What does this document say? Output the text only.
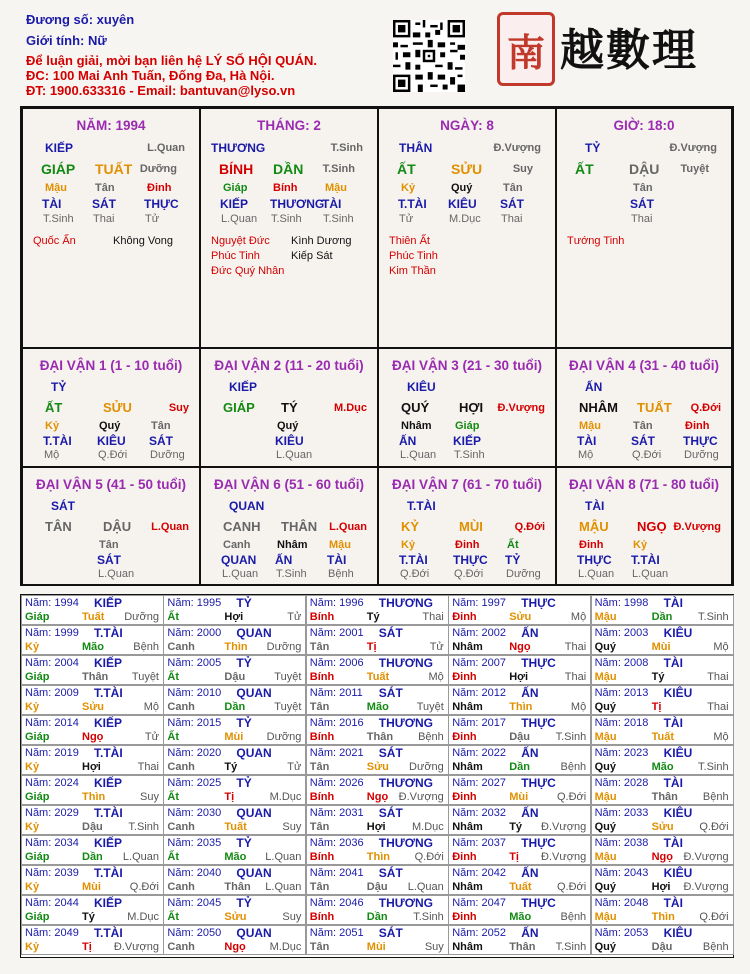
Đương số: xuyên
Giới tính: Nữ
Để luận giải, mời bạn liên hệ LÝ SỐ HỘI QUÁN.
ĐC: 100 Mai Anh Tuấn, Đống Đa, Hà Nội.
ĐT: 1900.633316 - Email: bantuvan@lyso.vn
南 越數理
NĂM: 1994
KIẾP	L.Quan
GIÁP TUẤT Dưỡng
Mậu
TÀI
T.Sinh
Tân
SÁT
Thai
Đinh
THỰC
Tử
Quốc Ấn	Không Vong
THÁNG: 2
THƯƠNG	T.Sinh
BÍNH DẦN T.Sinh
Giáp
KIẾP
L.Quan
Bính
THƯƠNG
T.Sinh
Mậu
TÀI
T.Sinh
Nguyệt Đức Kình Dương
Phúc Tinh	Kiếp Sát
Đức Quý Nhân
NGÀY: 8
THÂN	Đ.Vượng
ẤT	SỬU	Suy
Kỷ
T.TÀI
Tử
Quý
KIÊU
M.Dục
Tân
SÁT
Thai
Thiên Ất
Phúc Tinh
Kim Thần
GIỜ: 18:0
TỶ	Đ.Vượng
ẤT	DẬU Tuyệt
Tân
SÁT
Thai
Tướng Tinh
ĐẠI VẬN 1 (1 - 10 tuổi)
TỶ
ẤT	SỬU	Suy
Kỷ
T.TÀI
Mộ
Quý
KIÊU
Q.Đới
Tân
SÁT
Dưỡng
ĐẠI VẬN 2 (11 - 20 tuổi)
KIẾP
GIÁP TÝ	M.Dục
Quý
KIÊU
L.Quan
ĐẠI VẬN 3 (21 - 30 tuổi)
KIÊU
QUÝ HỢI Đ.Vượng
Nhâm
ẤN
L.Quan
Giáp
KIẾP
T.Sinh
ĐẠI VẬN 4 (31 - 40 tuổi)
ẤN
NHÂM TUẤT Q.Đới
Mậu
TÀI
Mộ
Tân
SÁT
Q.Đới
Đinh
THỰC
Dưỡng
ĐẠI VẬN 5 (41 - 50 tuổi)
SÁT
TÂN DẬU L.Quan
Tân
SÁT
L.Quan
ĐẠI VẬN 6 (51 - 60 tuổi)
QUAN
CANH THÂN L.Quan
Canh
QUAN
L.Quan
Nhâm
ẤN
T.Sinh
Mậu
TÀI
Bệnh
ĐẠI VẬN 7 (61 - 70 tuổi)
T.TÀI
KỶ	MÙI	Q.Đới
Kỷ
T.TÀI
Q.Đới
Đinh
THỰC
Q.Đới
Ất
TỶ
Dưỡng
ĐẠI VẬN 8 (71 - 80 tuổi)
TÀI
MẬU NGỌ Đ.Vượng
Đinh
THỰC
L.Quan
Kỷ
T.TÀI
L.Quan
Năm: 1994 KIẾP
Giáp	Tuất Dưỡng
Năm: 1995 TỶ
Ất	Hợi	Tử
Năm: 1996 THƯƠNG
Bính	Tý	Thai
Năm: 1997 THỰC
Đinh	Sửu	Mộ
Năm: 1998 TÀI
Mậu	Dần T.Sinh
Năm: 1999 T.TÀI
Kỷ	Mão	Bệnh
Năm: 2000 QUAN
Canh	Thìn Dưỡng
Năm: 2001 SÁT
Tân	Tị	Tử
Năm: 2002 ẤN
Nhâm Ngọ	Thai
Năm: 2003 KIÊU
Quý	Mùi	Mộ
Năm: 2004 KIẾP
Giáp	Thân Tuyệt
Năm: 2005 TỶ
Ất	Dậu	Tuyệt
Năm: 2006 THƯƠNG
Bính	Tuất	Mộ
Năm: 2007 THỰC
Đinh	Hợi	Thai
Năm: 2008 TÀI
Mậu	Tý	Thai
Năm: 2009 T.TÀI
Kỷ	Sửu	Mộ
Năm: 2010 QUAN
Canh	Dần	Tuyệt
Năm: 2011 SÁT
Tân	Mão	Tuyệt
Năm: 2012 ẤN
Nhâm Thìn	Mộ
Năm: 2013 KIÊU
Quý	Tị	Thai
Năm: 2014 KIẾP
Giáp	Ngọ	Tử
Năm: 2015 TỶ
Ất	Mùi Dưỡng
Năm: 2016 THƯƠNG
Bính	Thân Bệnh
Năm: 2017 THỰC
Đinh	Dậu T.Sinh
Năm: 2018 TÀI
Mậu	Tuất	Mộ
Năm: 2019 T.TÀI
Kỷ	Hợi	Thai
Năm: 2020 QUAN
Canh	Tý	Tử
Năm: 2021 SÁT
Tân	Sửu Dưỡng
Năm: 2022 ẤN
Nhâm Dần	Bệnh
Năm: 2023 KIÊU
Quý	Mão T.Sinh
Năm: 2024 KIẾP
Giáp	Thìn	Suy
Năm: 2025 TỶ
Ất	Tị	M.Dục
Năm: 2026 THƯƠNG
Bính	Ngọ Đ.Vượng
Năm: 2027 THỰC
Đinh	Mùi	Q.Đới
Năm: 2028 TÀI
Mậu	Thân Bệnh
Năm: 2029 T.TÀI
Kỷ	Dậu T.Sinh
Năm: 2030 QUAN
Canh	Tuất	Suy
Năm: 2031 SÁT
Tân	Hợi M.Dục
Năm: 2032 ẤN
Nhâm Tý Đ.Vượng
Năm: 2033 KIÊU
Quý	Sửu Q.Đới
Năm: 2034 KIẾP
Giáp	Dần L.Quan
Năm: 2035 TỶ
Ất	Mão L.Quan
Năm: 2036 THƯƠNG
Bính	Thìn Q.Đới
Năm: 2037 THỰC
Đinh	Tị Đ.Vượng
Năm: 2038 TÀI
Mậu	Ngọ Đ.Vượng
Năm: 2039 T.TÀI
Kỷ	Mùi	Q.Đới
Năm: 2040 QUAN
Canh	Thân L.Quan
Năm: 2041 SÁT
Tân	Dậu L.Quan
Năm: 2042 ẤN
Nhâm Tuất Q.Đới
Năm: 2043 KIÊU
Quý	Hợi Đ.Vượng
Năm: 2044 KIẾP
Giáp	Tý	M.Dục
Năm: 2045 TỶ
Ất	Sửu	Suy
Năm: 2046 THƯƠNG
Bính	Dần T.Sinh
Năm: 2047 THỰC
Đinh	Mão	Bệnh
Năm: 2048 TÀI
Mậu	Thìn Q.Đới
Năm: 2049 T.TÀI
Kỷ	Tị Đ.Vượng
Năm: 2050 QUAN
Canh	Ngọ M.Dục
Năm: 2051 SÁT
Tân	Mùi	Suy
Năm: 2052 ẤN
Nhâm Thân T.Sinh
Năm: 2053 KIÊU
Quý	Dậu	Bệnh
